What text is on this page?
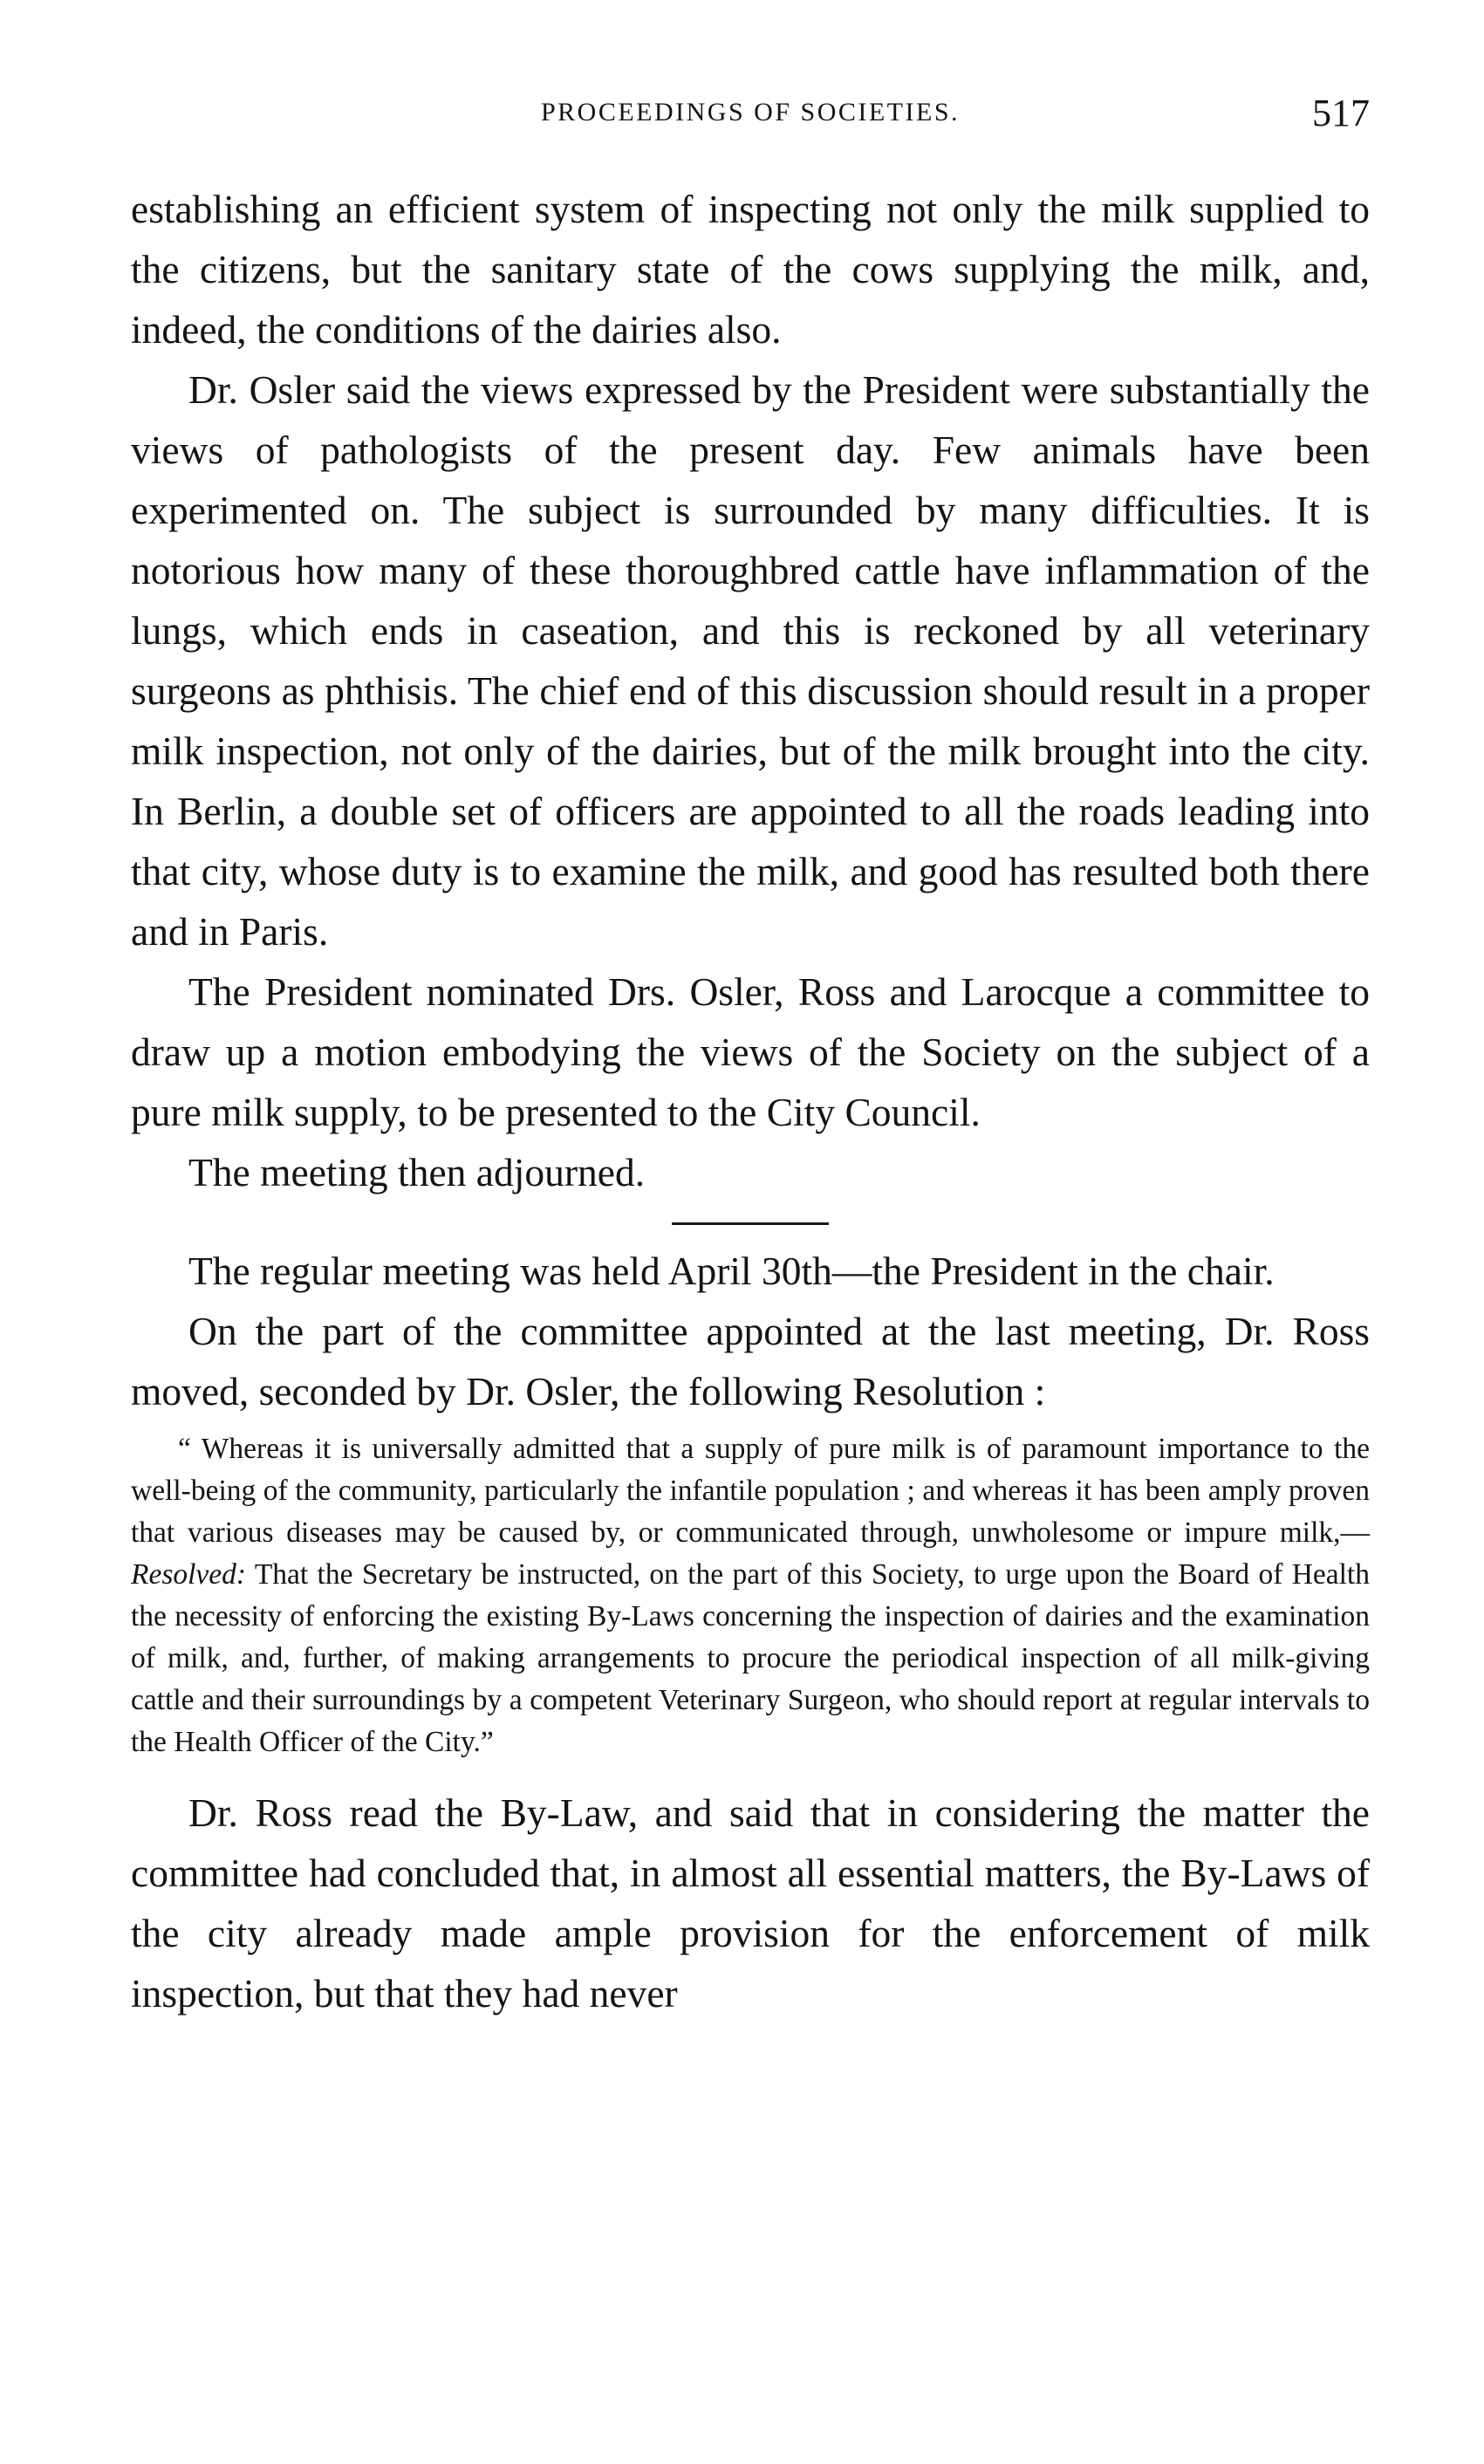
PROCEEDINGS OF SOCIETIES.	517

establishing an efficient system of inspecting not only the milk supplied to the citizens, but the sanitary state of the cows supplying the milk, and, indeed, the conditions of the dairies also.

Dr. Osler said the views expressed by the President were substantially the views of pathologists of the present day. Few animals have been experimented on. The subject is surrounded by many difficulties. It is notorious how many of these thoroughbred cattle have inflammation of the lungs, which ends in caseation, and this is reckoned by all veterinary surgeons as phthisis. The chief end of this discussion should result in a proper milk inspection, not only of the dairies, but of the milk brought into the city. In Berlin, a double set of officers are appointed to all the roads leading into that city, whose duty is to examine the milk, and good has resulted both there and in Paris.

The President nominated Drs. Osler, Ross and Larocque a committee to draw up a motion embodying the views of the Society on the subject of a pure milk supply, to be presented to the City Council.

The meeting then adjourned.

The regular meeting was held April 30th—the President in the chair.

On the part of the committee appointed at the last meeting, Dr. Ross moved, seconded by Dr. Osler, the following Resolution :

“ Whereas it is universally admitted that a supply of pure milk is of paramount importance to the well-being of the community, particularly the infantile population ; and whereas it has been amply proven that various diseases may be caused by, or communicated through, unwholesome or impure milk,—Resolved: That the Secretary be instructed, on the part of this Society, to urge upon the Board of Health the necessity of enforcing the existing By-Laws concerning the inspection of dairies and the examination of milk, and, further, of making arrangements to procure the periodical inspection of all milk-giving cattle and their surroundings by a competent Veterinary Surgeon, who should report at regular intervals to the Health Officer of the City.”

Dr. Ross read the By-Law, and said that in considering the matter the committee had concluded that, in almost all essential matters, the By-Laws of the city already made ample provision for the enforcement of milk inspection, but that they had never
